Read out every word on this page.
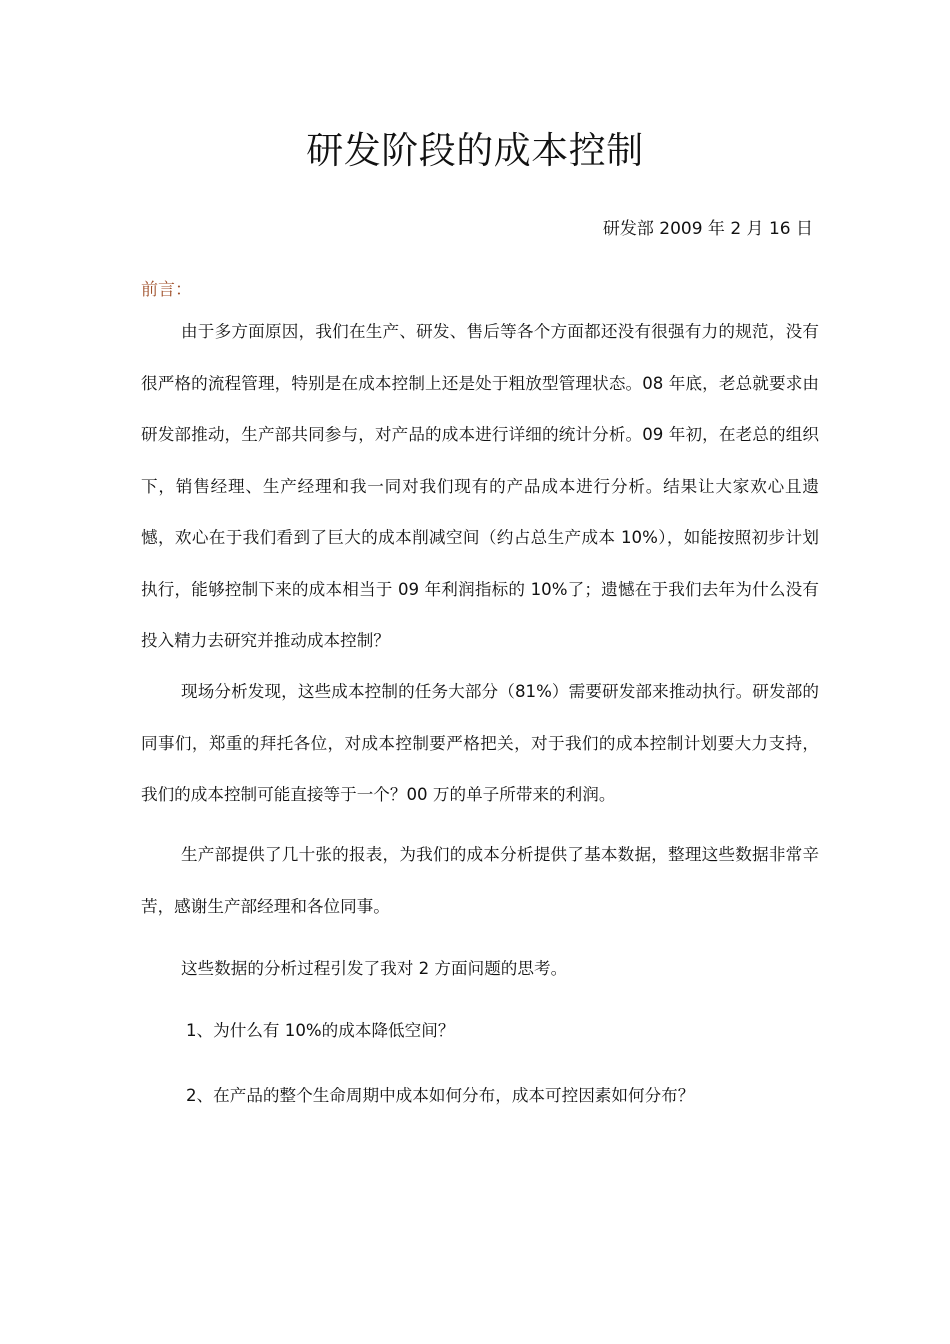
研发阶段的成本控制
研发部 2009 年 2 月 16 日
前言：

由于多方面原因，我们在生产、研发、售后等各个方面都还没有很强有力的规范，没有很严格的流程管理，特别是在成本控制上还是处于粗放型管理状态。08 年底，老总就要求由研发部推动，生产部共同参与，对产品的成本进行详细的统计分析。09 年初，在老总的组织下，销售经理、生产经理和我一同对我们现有的产品成本进行分析。结果让大家欢心且遗憾，欢心在于我们看到了巨大的成本削减空间（约占总生产成本 10%），如能按照初步计划执行，能够控制下来的成本相当于 09 年利润指标的 10%了；遗憾在于我们去年为什么没有投入精力去研究并推动成本控制？

现场分析发现，这些成本控制的任务大部分（81%）需要研发部来推动执行。研发部的同事们，郑重的拜托各位，对成本控制要严格把关，对于我们的成本控制计划要大力支持，我们的成本控制可能直接等于一个？00 万的单子所带来的利润。

生产部提供了几十张的报表，为我们的成本分析提供了基本数据，整理这些数据非常辛苦，感谢生产部经理和各位同事。

这些数据的分析过程引发了我对 2 方面问题的思考。
1、为什么有 10%的成本降低空间？
2、在产品的整个生命周期中成本如何分布，成本可控因素如何分布？
